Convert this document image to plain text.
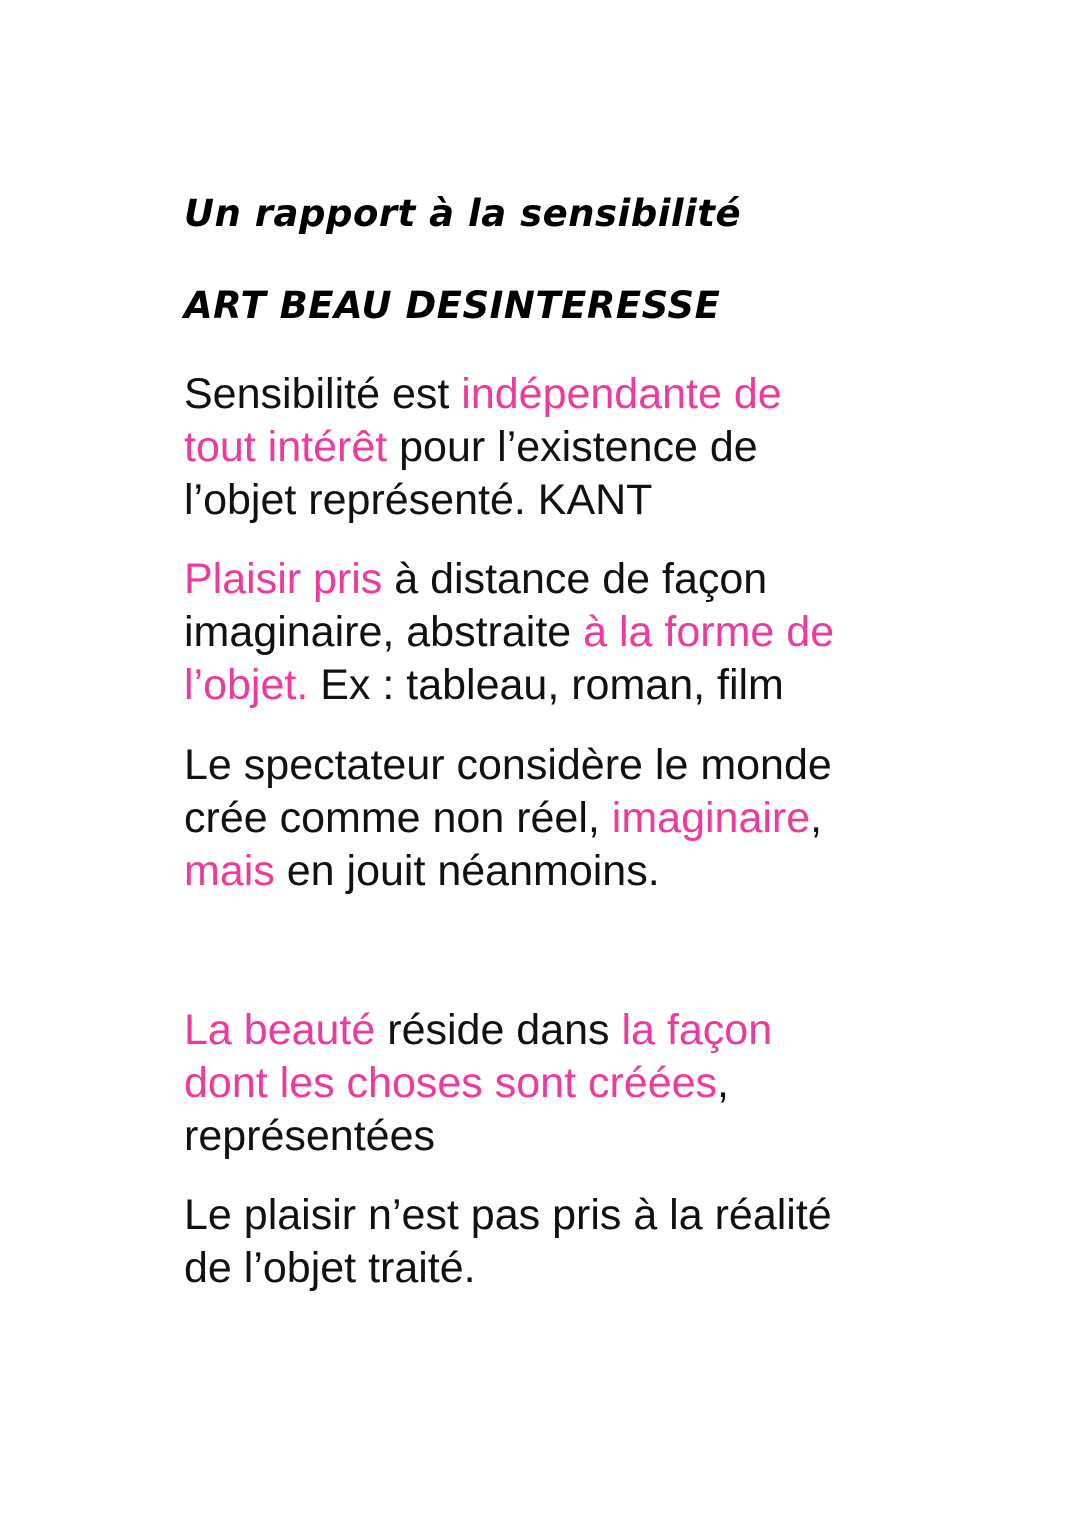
Un rapport à la sensibilité
ART BEAU DESINTERESSE

Sensibilité est indépendante de
tout intérêt pour l’existence de
l’objet représenté. KANT

Plaisir pris à distance de façon
imaginaire, abstraite à la forme de
l’objet. Ex : tableau, roman, film

Le spectateur considère le monde
crée comme non réel, imaginaire,
mais en jouit néanmoins.

La beauté réside dans la façon
dont les choses sont créées,
représentées

Le plaisir n’est pas pris à la réalité
de l’objet traité.
